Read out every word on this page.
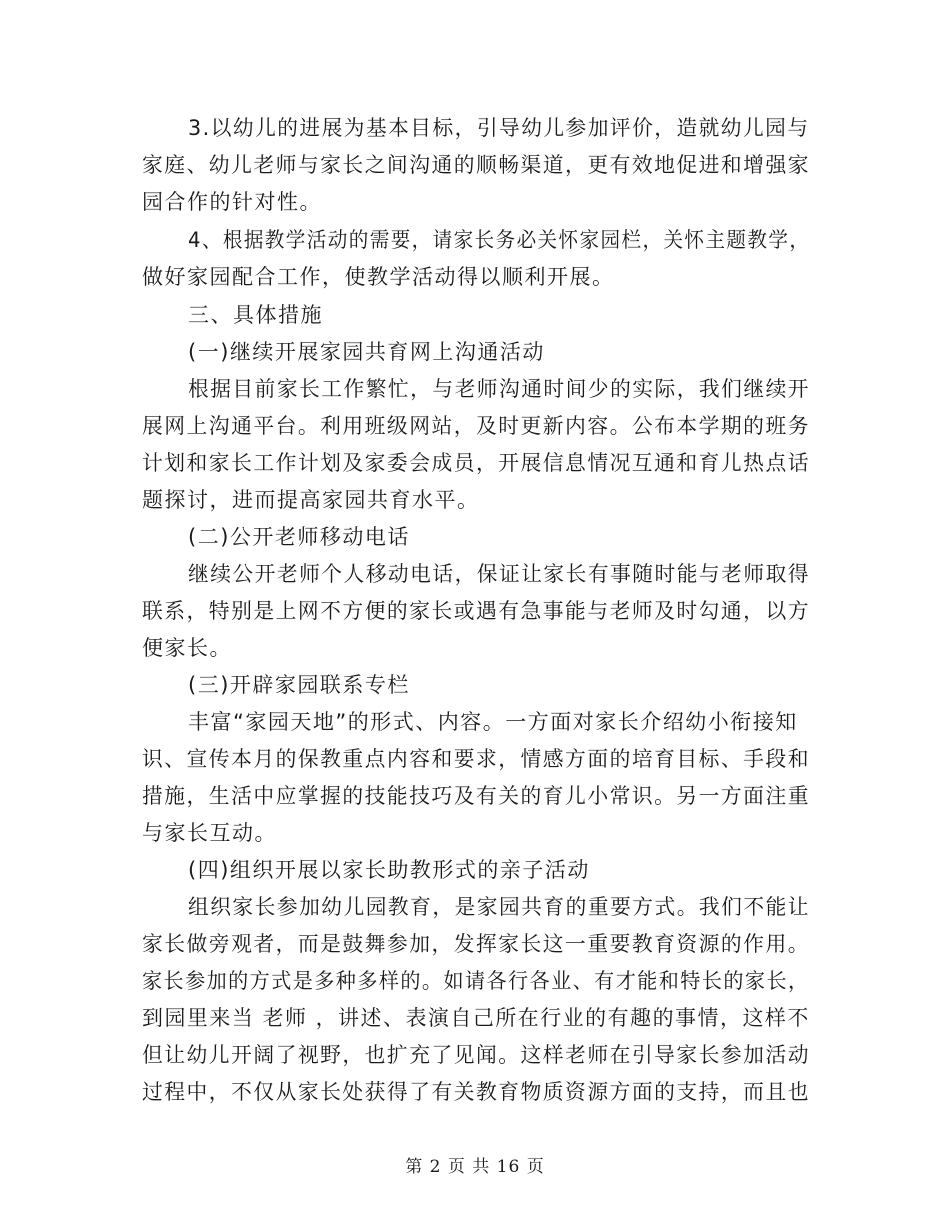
3.以幼儿的进展为基本目标，引导幼儿参加评价，造就幼儿园与
家庭、幼儿老师与家长之间沟通的顺畅渠道，更有效地促进和增强家
园合作的针对性。
4、根据教学活动的需要，请家长务必关怀家园栏，关怀主题教学，
做好家园配合工作，使教学活动得以顺利开展。
三、具体措施
(一)继续开展家园共育网上沟通活动
根据目前家长工作繁忙，与老师沟通时间少的实际，我们继续开
展网上沟通平台。利用班级网站，及时更新内容。公布本学期的班务
计划和家长工作计划及家委会成员，开展信息情况互通和育儿热点话
题探讨，进而提高家园共育水平。
(二)公开老师移动电话
继续公开老师个人移动电话，保证让家长有事随时能与老师取得
联系，特别是上网不方便的家长或遇有急事能与老师及时勾通，以方
便家长。
(三)开辟家园联系专栏
丰富“家园天地”的形式、内容。一方面对家长介绍幼小衔接知
识、宣传本月的保教重点内容和要求，情感方面的培育目标、手段和
措施，生活中应掌握的技能技巧及有关的育儿小常识。另一方面注重
与家长互动。
(四)组织开展以家长助教形式的亲子活动
组织家长参加幼儿园教育，是家园共育的重要方式。我们不能让
家长做旁观者，而是鼓舞参加，发挥家长这一重要教育资源的作用。
家长参加的方式是多种多样的。如请各行各业、有才能和特长的家长，
到园里来当 老师 ，讲述、表演自己所在行业的有趣的事情，这样不
但让幼儿开阔了视野，也扩充了见闻。这样老师在引导家长参加活动
过程中，不仅从家长处获得了有关教育物质资源方面的支持，而且也
第 2 页 共 16 页
